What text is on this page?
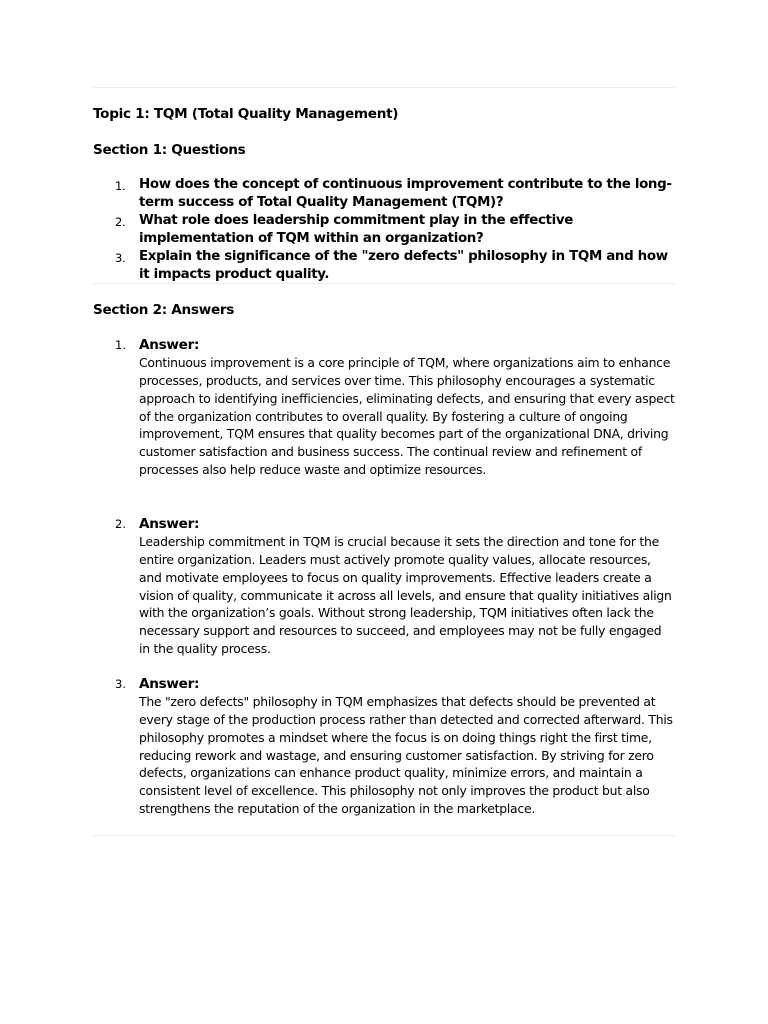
Topic 1: TQM (Total Quality Management)
Section 1: Questions
1. How does the concept of continuous improvement contribute to the long-term success of Total Quality Management (TQM)?
2. What role does leadership commitment play in the effective implementation of TQM within an organization?
3. Explain the significance of the "zero defects" philosophy in TQM and how it impacts product quality.
Section 2: Answers
1. Answer:

Continuous improvement is a core principle of TQM, where organizations aim to enhance processes, products, and services over time. This philosophy encourages a systematic approach to identifying inefficiencies, eliminating defects, and ensuring that every aspect of the organization contributes to overall quality. By fostering a culture of ongoing improvement, TQM ensures that quality becomes part of the organizational DNA, driving customer satisfaction and business success. The continual review and refinement of processes also help reduce waste and optimize resources.

2. Answer:

Leadership commitment in TQM is crucial because it sets the direction and tone for the entire organization. Leaders must actively promote quality values, allocate resources, and motivate employees to focus on quality improvements. Effective leaders create a vision of quality, communicate it across all levels, and ensure that quality initiatives align with the organization’s goals. Without strong leadership, TQM initiatives often lack the necessary support and resources to succeed, and employees may not be fully engaged in the quality process.

3. Answer:

The "zero defects" philosophy in TQM emphasizes that defects should be prevented at every stage of the production process rather than detected and corrected afterward. This philosophy promotes a mindset where the focus is on doing things right the first time, reducing rework and wastage, and ensuring customer satisfaction. By striving for zero defects, organizations can enhance product quality, minimize errors, and maintain a consistent level of excellence. This philosophy not only improves the product but also strengthens the reputation of the organization in the marketplace.
